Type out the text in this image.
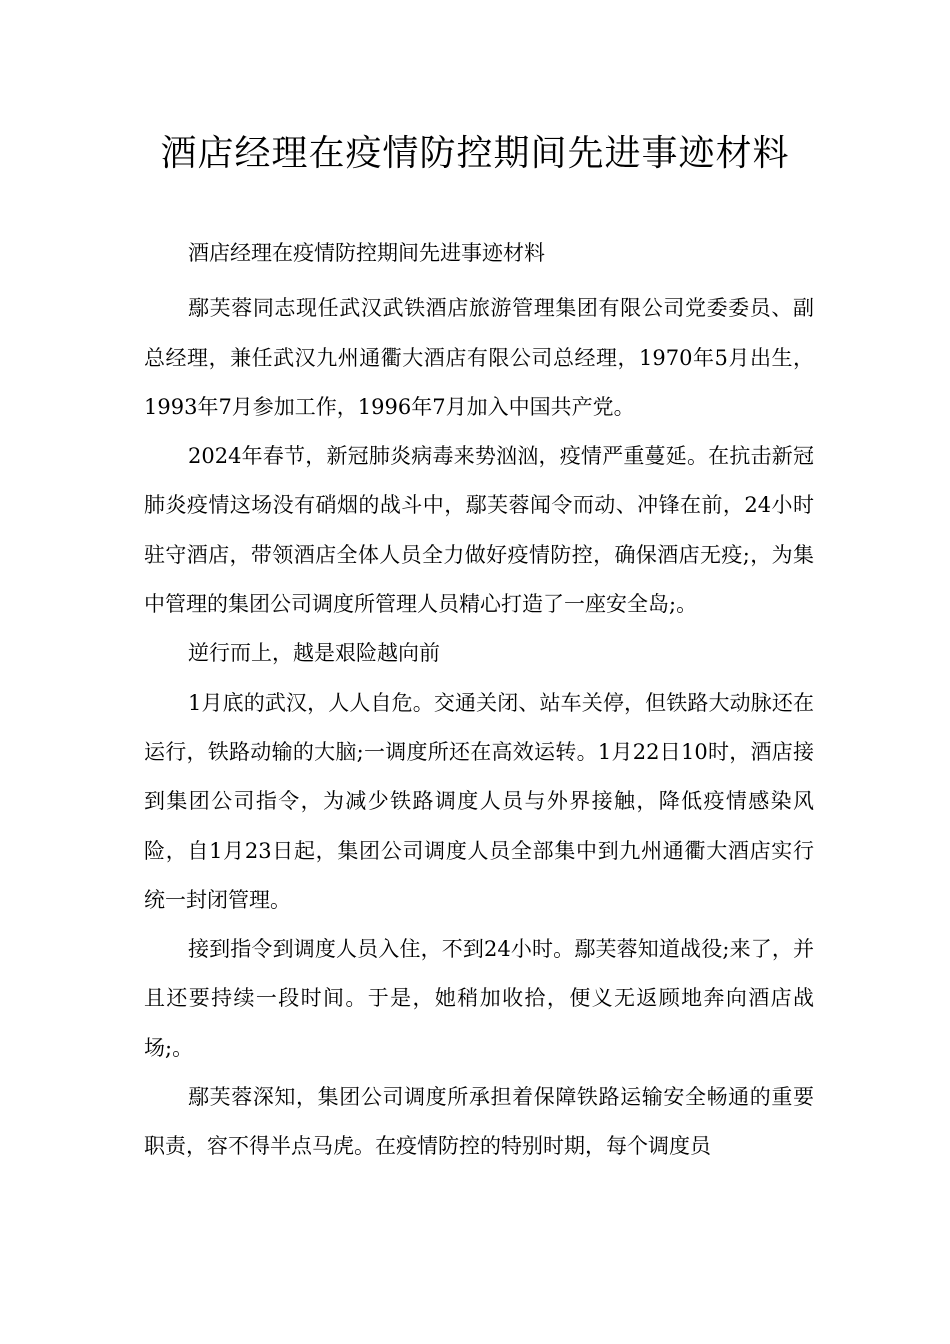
酒店经理在疫情防控期间先进事迹材料

酒店经理在疫情防控期间先进事迹材料

鄢芙蓉同志现任武汉武铁酒店旅游管理集团有限公司党委委员、副总经理，兼任武汉九州通衢大酒店有限公司总经理，1970年5月出生，1993年7月参加工作，1996年7月加入中国共产党。

2024年春节，新冠肺炎病毒来势汹汹，疫情严重蔓延。在抗击新冠肺炎疫情这场没有硝烟的战斗中，鄢芙蓉闻令而动、冲锋在前，24小时驻守酒店，带领酒店全体人员全力做好疫情防控，确保酒店无疫;，为集中管理的集团公司调度所管理人员精心打造了一座安全岛;。

逆行而上，越是艰险越向前

1月底的武汉，人人自危。交通关闭、站车关停，但铁路大动脉还在运行，铁路动输的大脑;一调度所还在高效运转。1月22日10时，酒店接到集团公司指令，为减少铁路调度人员与外界接触，降低疫情感染风险，自1月23日起，集团公司调度人员全部集中到九州通衢大酒店实行统一封闭管理。

接到指令到调度人员入住，不到24小时。鄢芙蓉知道战役;来了，并且还要持续一段时间。于是，她稍加收拾，便义无返顾地奔向酒店战场;。

鄢芙蓉深知，集团公司调度所承担着保障铁路运输安全畅通的重要职责，容不得半点马虎。在疫情防控的特别时期，每个调度员
